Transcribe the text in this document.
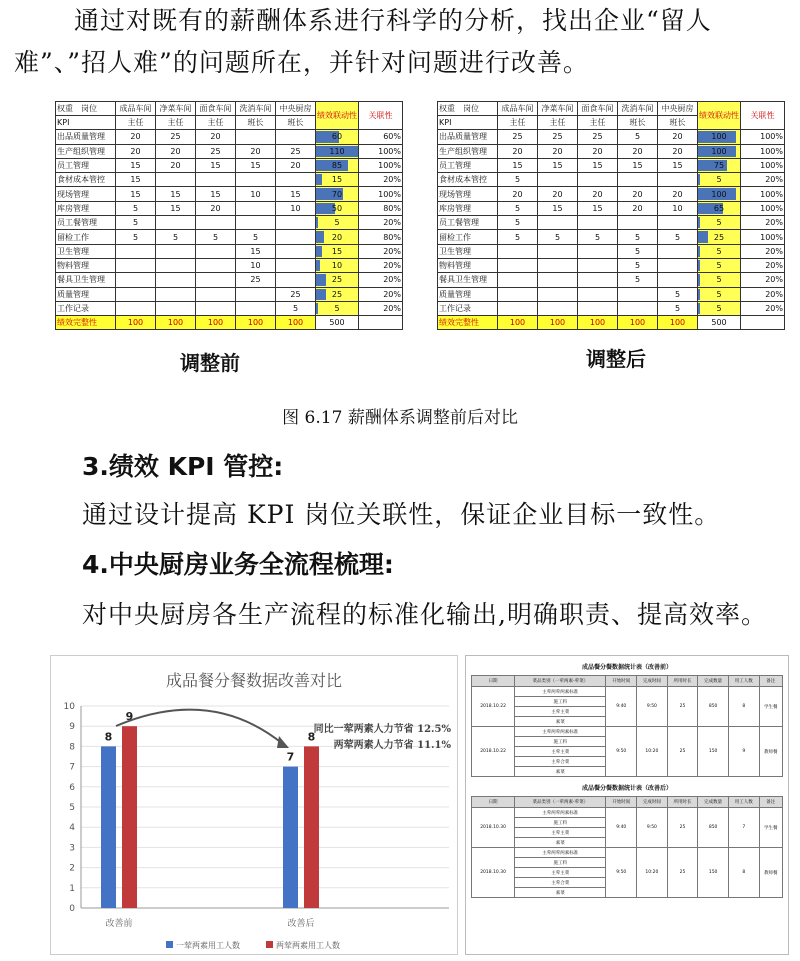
通过对既有的薪酬体系进行科学的分析，找出企业“留人
难”、”招人难”的问题所在，并针对问题进行改善。
权重　岗位	成品车间	净菜车间	面食车间	洗消车间	中央厨房	绩效联动性	关联性
KPI	主任	主任	主任	班长	班长		
出品质量管理	20	25	20			60	60%
生产组织管理	20	20	25	20	25	110	100%
员工管理	15	20	15	15	20	85	100%
食材成本管控	15					15	20%
现场管理	15	15	15	10	15	70	100%
库房管理	5	15	20		10	50	80%
员工餐管理	5					5	20%
留检工作	5	5	5	5		20	80%
卫生管理				15		15	20%
物料管理				10		10	20%
餐具卫生管理				25		25	20%
质量管理					25	25	20%
工作记录					5	5	20%
绩效完整性	100	100	100	100	100	500	
权重　岗位	成品车间	净菜车间	面食车间	洗消车间	中央厨房	绩效联动性	关联性
KPI	主任	主任	主任	班长	班长		
出品质量管理	25	25	25	5	20	100	100%
生产组织管理	20	20	20	20	20	100	100%
员工管理	15	15	15	15	15	75	100%
食材成本管控	5					5	20%
现场管理	20	20	20	20	20	100	100%
库房管理	5	15	15	20	10	65	100%
员工餐管理	5					5	20%
留检工作	5	5	5	5	5	25	100%
卫生管理				5		5	20%
物料管理				5		5	20%
餐具卫生管理				5		5	20%
质量管理					5	5	20%
工作记录					5	5	20%
绩效完整性	100	100	100	100	100	500	
调整前	调整后
图 6.17 薪酬体系调整前后对比
3.绩效 KPI 管控:
通过设计提高 KPI 岗位关联性，保证企业目标一致性。
4.中央厨房业务全流程梳理:
对中央厨房各生产流程的标准化输出,明确职责、提高效率。
成品餐分餐数据改善对比
0
1
2
3
4
5
6
7
8
9
10
8
9
改善前
7
8
改善后
同比一荤两素人力节省 12.5%
两荤两素人力节省 11.1%
一荤两素用工人数	两荤两素用工人数
成品餐分餐数据统计表（改善前）
日期	菜品类别（一荤两素-荤菜）	开始时间	完成时间	所用时长	完成数量	用工人数	备注
2018.10.22	主荤两荤两素标准	9:40	9:50	25	850	8	学生餐
	施工料						
	主荤主菜						
	素菜						
2018.10.22	主荤两荤两素标准	9:50	10:20	25	150	9	教师餐
	施工料						
	主荤主菜						
	主荤合菜						
	素菜						
成品餐分餐数据统计表（改善后）
日期	菜品类别（一荤两素-荤菜）	开始时间	完成时间	所用时长	完成数量	用工人数	备注
2018.10.30	主荤两荤两素标准	9:40	9:50	25	850	7	学生餐
	施工料						
	主荤主菜						
	素菜						
2018.10.30	主荤两荤两素标准	9:50	10:20	25	150	8	教师餐
	施工料						
	主荤主菜						
	主荤合菜						
	素菜						
